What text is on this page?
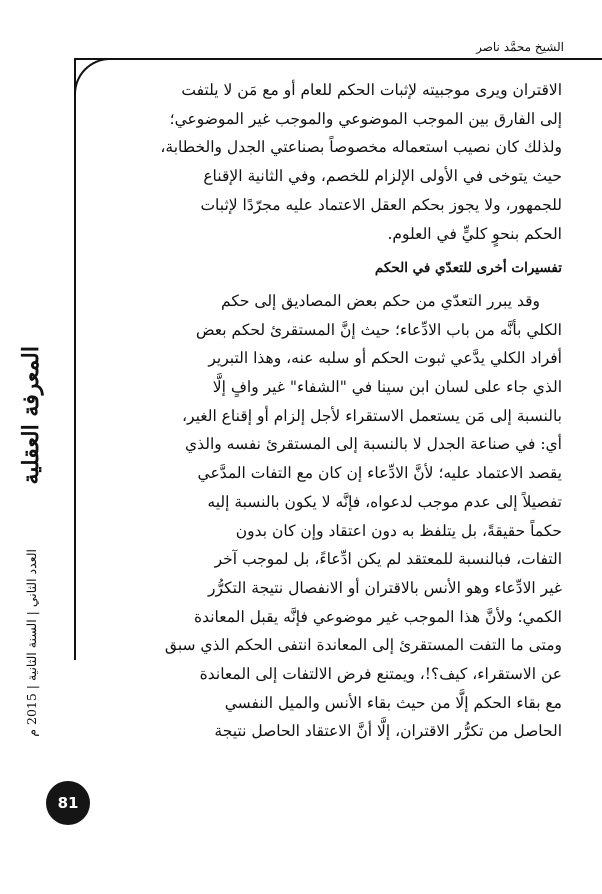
الشيخ محمَّد ناصر

الاقتران ويرى موجبيته لإثبات الحكم للعام أو مع مَن لا يلتفت
إلى الفارق بين الموجب الموضوعي والموجب غير الموضوعي؛
ولذلك كان نصيب استعماله مخصوصاً بصناعتي الجدل والخطابة،
حيث يتوخى في الأولى الإلزام للخصم، وفي الثانية الإقناع
للجمهور، ولا يجوز بحكم العقل الاعتماد عليه مجرّدًا لإثبات
الحكم بنحوٍ كليٍّ في العلوم.

تفسيرات أخرى للتعدّي في الحكم

وقد يبرر التعدّي من حكم بعض المصاديق إلى حكم
الكلي بأنَّه من باب الادِّعاء؛ حيث إنَّ المستقرئ لحكم بعض
أفراد الكلي يدَّعي ثبوت الحكم أو سلبه عنه، وهذا التبرير
الذي جاء على لسان ابن سينا في "الشفاء" غير وافٍ إلَّا
بالنسبة إلى مَن يستعمل الاستقراء لأجل إلزام أو إقناع الغير،
أي: في صناعة الجدل لا بالنسبة إلى المستقرئ نفسه والذي
يقصد الاعتماد عليه؛ لأنَّ الادِّعاء إن كان مع التفات المدَّعي
تفصيلاً إلى عدم موجب لدعواه، فإنَّه لا يكون بالنسبة إليه
حكماً حقيقةً، بل يتلفظ به دون اعتقاد وإن كان بدون
التفات، فبالنسبة للمعتقد لم يكن ادِّعاءً، بل لموجب آخر
غير الادِّعاء وهو الأنس بالاقتران أو الانفصال نتيجة التكرُّر
الكمي؛ ولأنَّ هذا الموجب غير موضوعي فإنَّه يقبل المعاندة
ومتى ما التفت المستقرئ إلى المعاندة انتفى الحكم الذي سبق
عن الاستقراء، كيف؟!، ويمتنع فرض الالتفات إلى المعاندة
مع بقاء الحكم إلَّا من حيث بقاء الأنس والميل النفسي
الحاصل من تكرُّر الاقتران، إلَّا أنَّ الاعتقاد الحاصل نتيجة

المعرفة العقلية
العدد الثاني | السنة الثانية | 2015 م
81
